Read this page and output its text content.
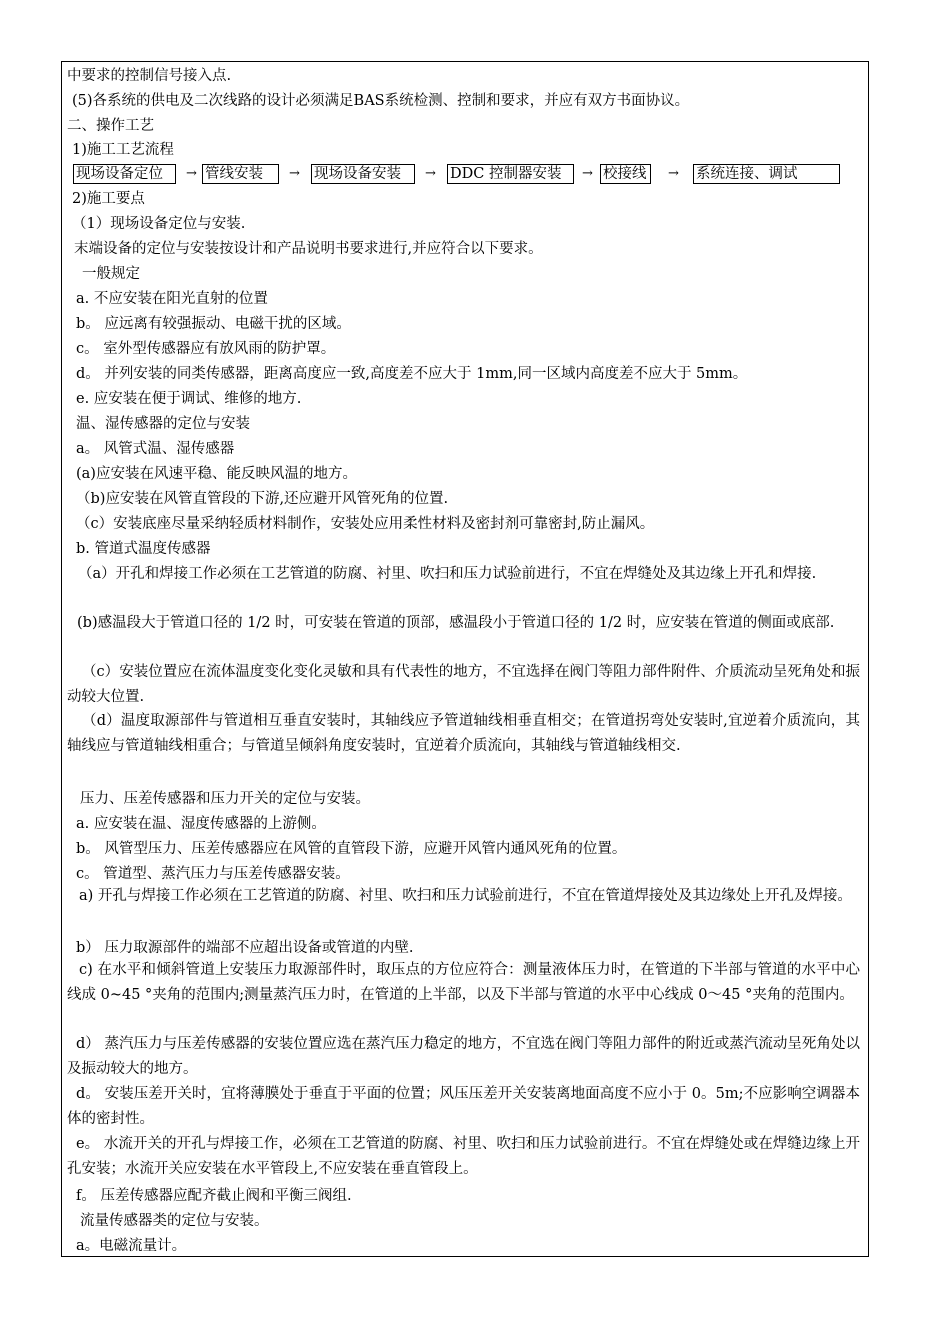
中要求的控制信号接入点.
(5)各系统的供电及二次线路的设计必须满足BAS系统检测、控制和要求，并应有双方书面协议。
二、操作工艺
1)施工工艺流程
现场设备定位	→ 管线安装	→ 现场设备安装	→ DDC 控制器安装	→ 校接线	→ 系统连接、调试
2)施工要点
（1）现场设备定位与安装.
末端设备的定位与安装按设计和产品说明书要求进行,并应符合以下要求。
一般规定
a. 不应安装在阳光直射的位置
b。 应远离有较强振动、电磁干扰的区域。
c。 室外型传感器应有放风雨的防护罩。
d。 并列安装的同类传感器，距离高度应一致,高度差不应大于 1mm,同一区域内高度差不应大于 5mm。
e. 应安装在便于调试、维修的地方.
温、湿传感器的定位与安装
a。 风管式温、湿传感器
(a)应安装在风速平稳、能反映风温的地方。
（b)应安装在风管直管段的下游,还应避开风管死角的位置.
（c）安装底座尽量采纳轻质材料制作，安装处应用柔性材料及密封剂可靠密封,防止漏风。
b. 管道式温度传感器
（a）开孔和焊接工作必须在工艺管道的防腐、衬里、吹扫和压力试验前进行，不宜在焊缝处及其边缘上开孔和焊接.
(b)感温段大于管道口径的 1/2 时，可安装在管道的顶部，感温段小于管道口径的 1/2 时，应安装在管道的侧面或底部.
（c）安装位置应在流体温度变化变化灵敏和具有代表性的地方，不宜选择在阀门等阻力部件附件、介质流动呈死角处和振动较大位置.
（d）温度取源部件与管道相互垂直安装时，其轴线应予管道轴线相垂直相交；在管道拐弯处安装时,宜逆着介质流向，其轴线应与管道轴线相重合；与管道呈倾斜角度安装时，宜逆着介质流向，其轴线与管道轴线相交.
压力、压差传感器和压力开关的定位与安装。
a. 应安装在温、湿度传感器的上游侧。
b。 风管型压力、压差传感器应在风管的直管段下游，应避开风管内通风死角的位置。
c。 管道型、蒸汽压力与压差传感器安装。
a) 开孔与焊接工作必须在工艺管道的防腐、衬里、吹扫和压力试验前进行，不宜在管道焊接处及其边缘处上开孔及焊接。
b） 压力取源部件的端部不应超出设备或管道的内壁.
c) 在水平和倾斜管道上安装压力取源部件时，取压点的方位应符合：测量液体压力时，在管道的下半部与管道的水平中心线成 0~45 °夹角的范围内;测量蒸汽压力时，在管道的上半部，以及下半部与管道的水平中心线成 0～45 °夹角的范围内。
d） 蒸汽压力与压差传感器的安装位置应选在蒸汽压力稳定的地方，不宜选在阀门等阻力部件的附近或蒸汽流动呈死角处以及振动较大的地方。
d。 安装压差开关时，宜将薄膜处于垂直于平面的位置；风压压差开关安装离地面高度不应小于 0。5m;不应影响空调器本体的密封性。
e。 水流开关的开孔与焊接工作，必须在工艺管道的防腐、衬里、吹扫和压力试验前进行。不宜在焊缝处或在焊缝边缘上开孔安装；水流开关应安装在水平管段上,不应安装在垂直管段上。
f。 压差传感器应配齐截止阀和平衡三阀组.
流量传感器类的定位与安装。
a。电磁流量计。
